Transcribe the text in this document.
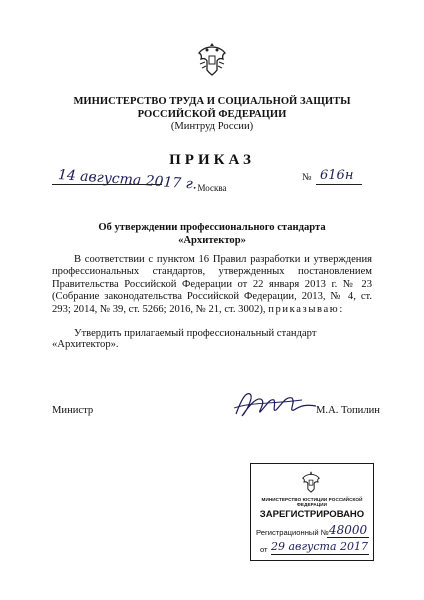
МИНИСТЕРСТВО ТРУДА И СОЦИАЛЬНОЙ ЗАЩИТЫ
РОССИЙСКОЙ ФЕДЕРАЦИИ
(Минтруд России)
ПРИКАЗ
14 августа 2017 г. Москва
№ 616н
Об утверждении профессионального стандарта
«Архитектор»
В соответствии с пунктом 16 Правил разработки и утверждения профессиональных стандартов, утвержденных постановлением Правительства Российской Федерации от 22 января 2013 г. № 23 (Собрание законодательства Российской Федерации, 2013, № 4, ст. 293; 2014, № 39, ст. 5266; 2016, № 21, ст. 3002), приказываю:
Утвердить прилагаемый профессиональный стандарт «Архитектор».
Министр	М.А. Топилин
МИНИСТЕРСТВО ЮСТИЦИИ РОССИЙСКОЙ ФЕДЕРАЦИИ
ЗАРЕГИСТРИРОВАНО
Регистрационный № 48000
от 29 августа 2017
